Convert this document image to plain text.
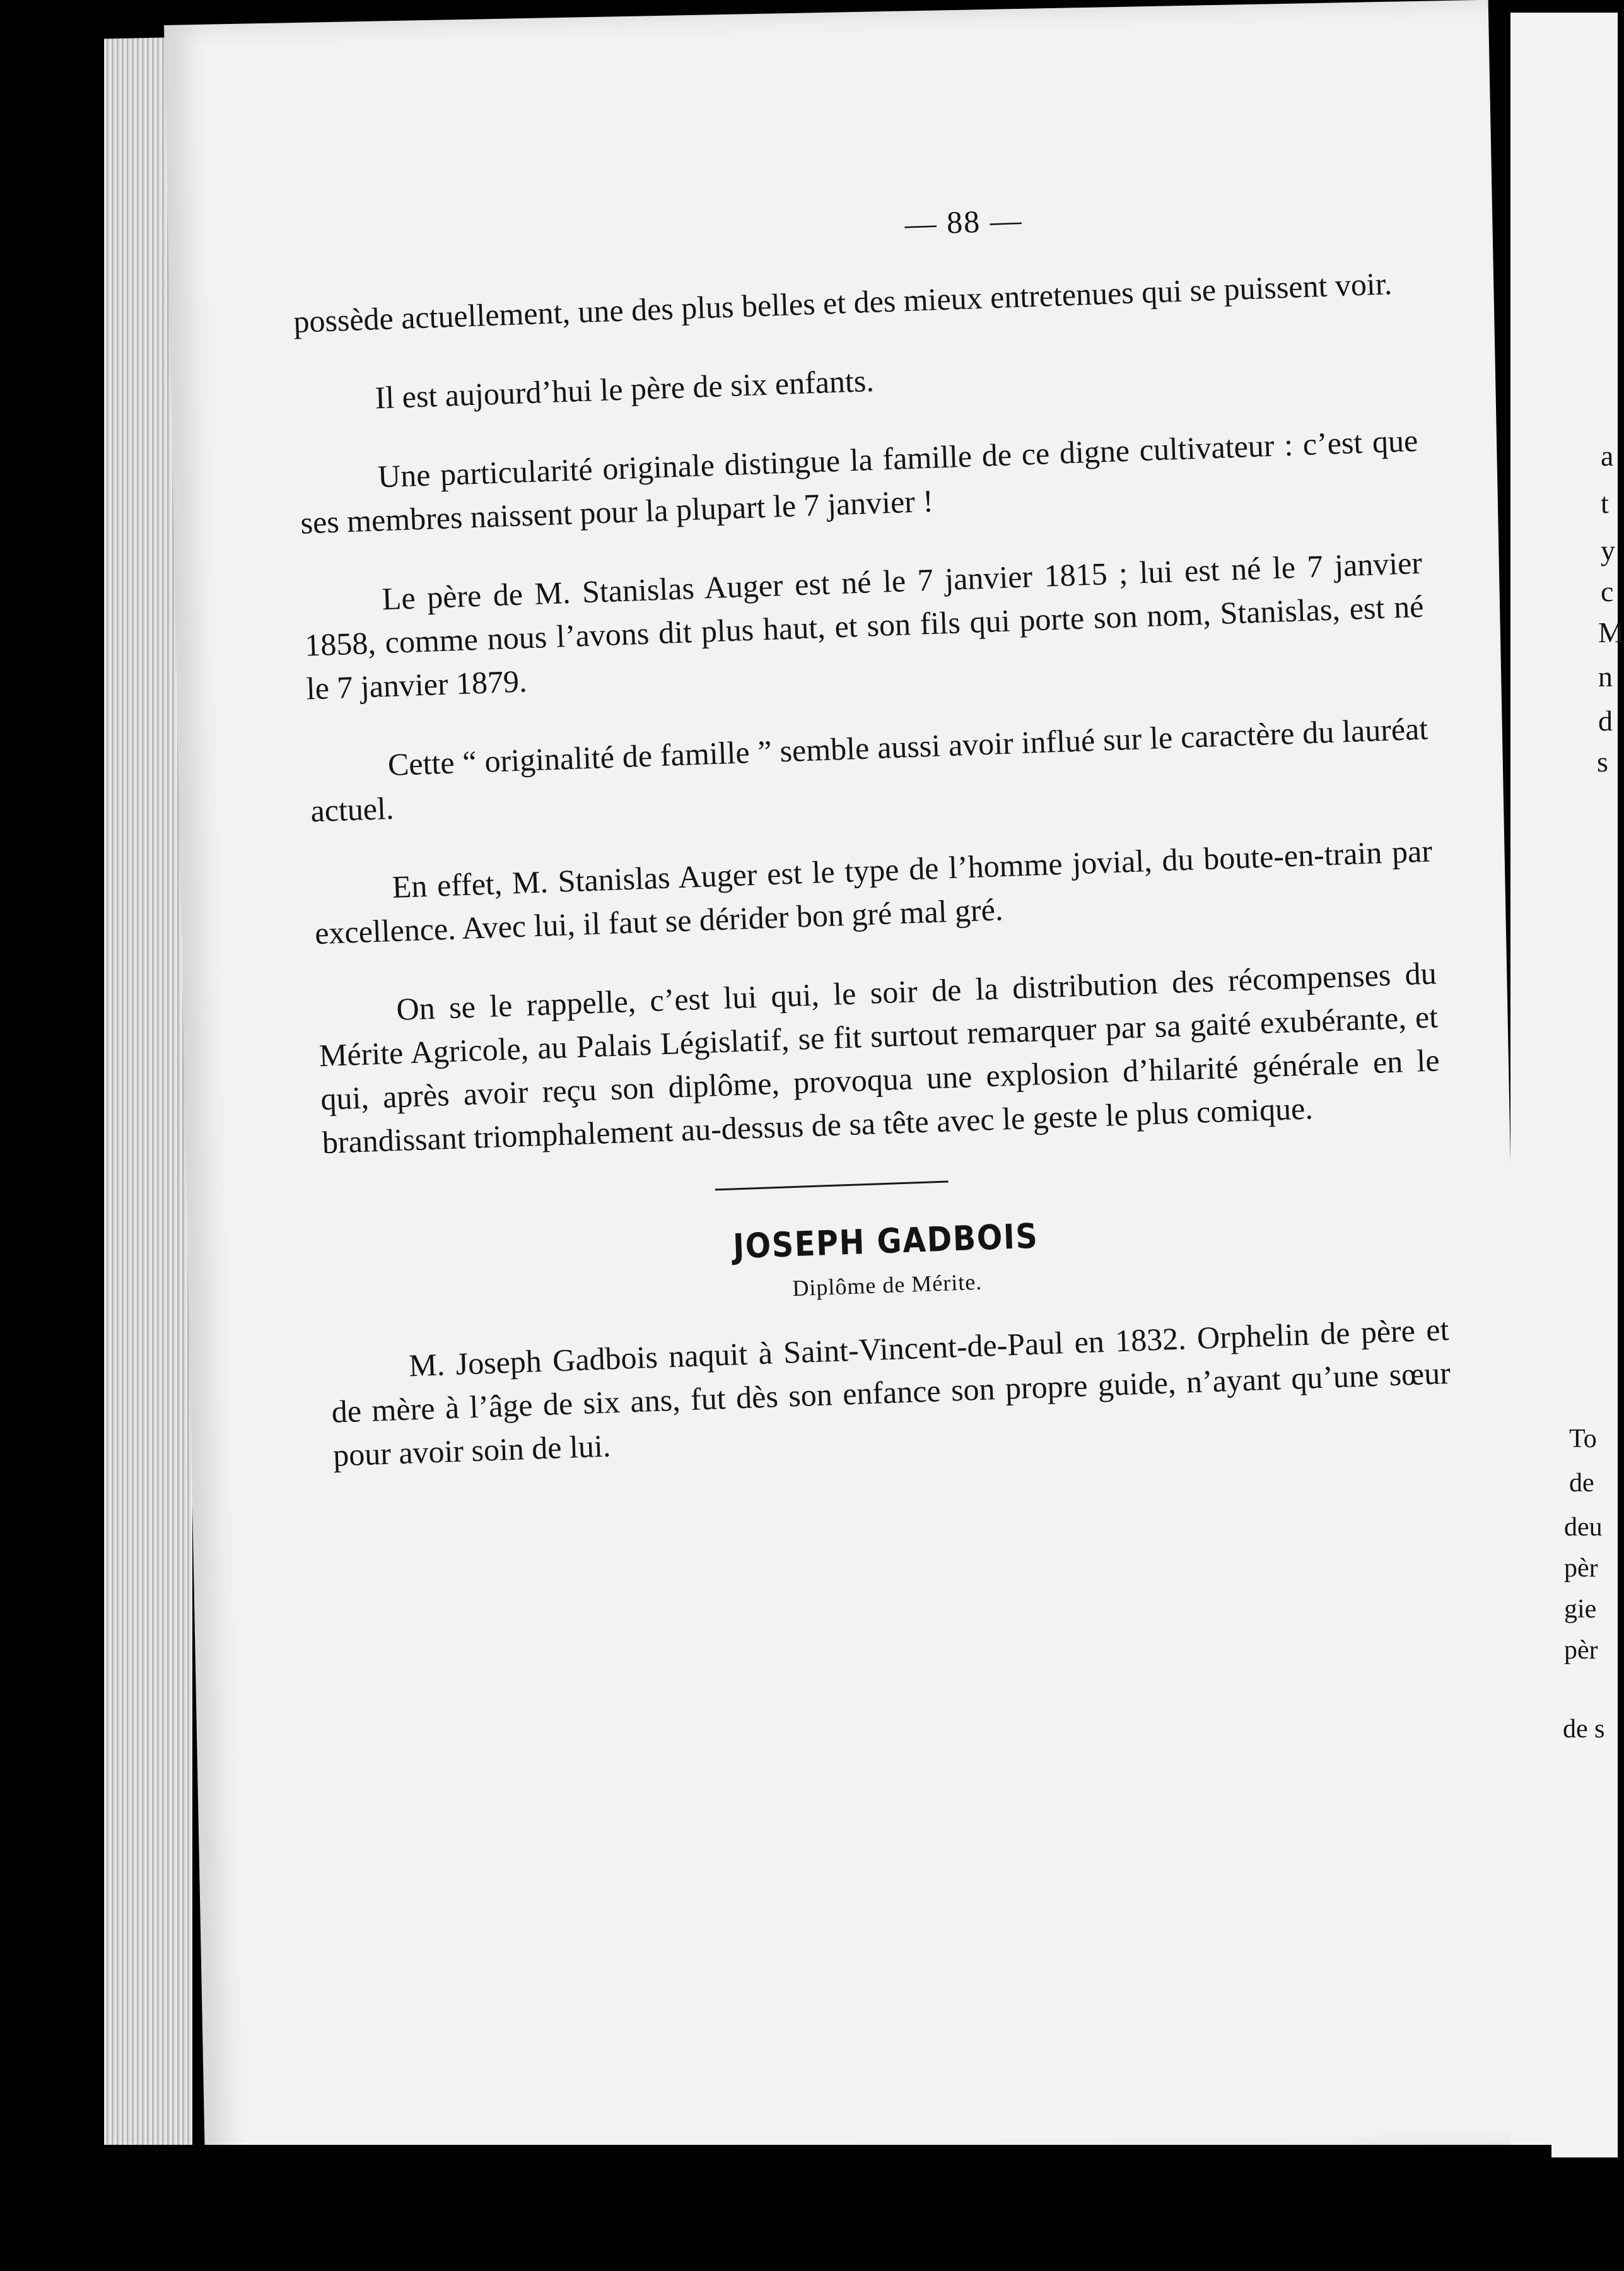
— 88 —

possède actuellement, une des plus belles et des mieux entretenues qui se puissent voir.

Il est aujourd’hui le père de six enfants.

Une particularité originale distingue la famille de ce digne cultivateur : c’est que ses membres naissent pour la plupart le 7 janvier !

Le père de M. Stanislas Auger est né le 7 janvier 1815 ; lui est né le 7 janvier 1858, comme nous l’avons dit plus haut, et son fils qui porte son nom, Stanislas, est né le 7 janvier 1879.

Cette “ originalité de famille ” semble aussi avoir influé sur le caractère du lauréat actuel.

En effet, M. Stanislas Auger est le type de l’homme jovial, du boute-en-train par excellence. Avec lui, il faut se dérider bon gré mal gré.

On se le rappelle, c’est lui qui, le soir de la distribution des récompenses du Mérite Agricole, au Palais Législatif, se fit surtout remarquer par sa gaité exubérante, et qui, après avoir reçu son diplôme, provoqua une explosion d’hilarité générale en le brandissant triomphalement au-dessus de sa tête avec le geste le plus comique.

JOSEPH GADBOIS
Diplôme de Mérite.

M. Joseph Gadbois naquit à Saint-Vincent-de-Paul en 1832. Orphelin de père et de mère à l’âge de six ans, fut dès son enfance son propre guide, n’ayant qu’une sœur pour avoir soin de lui.

a
t
y
c
M
n
d
s
To
de
deu
pèr
gie
pèr
de s
